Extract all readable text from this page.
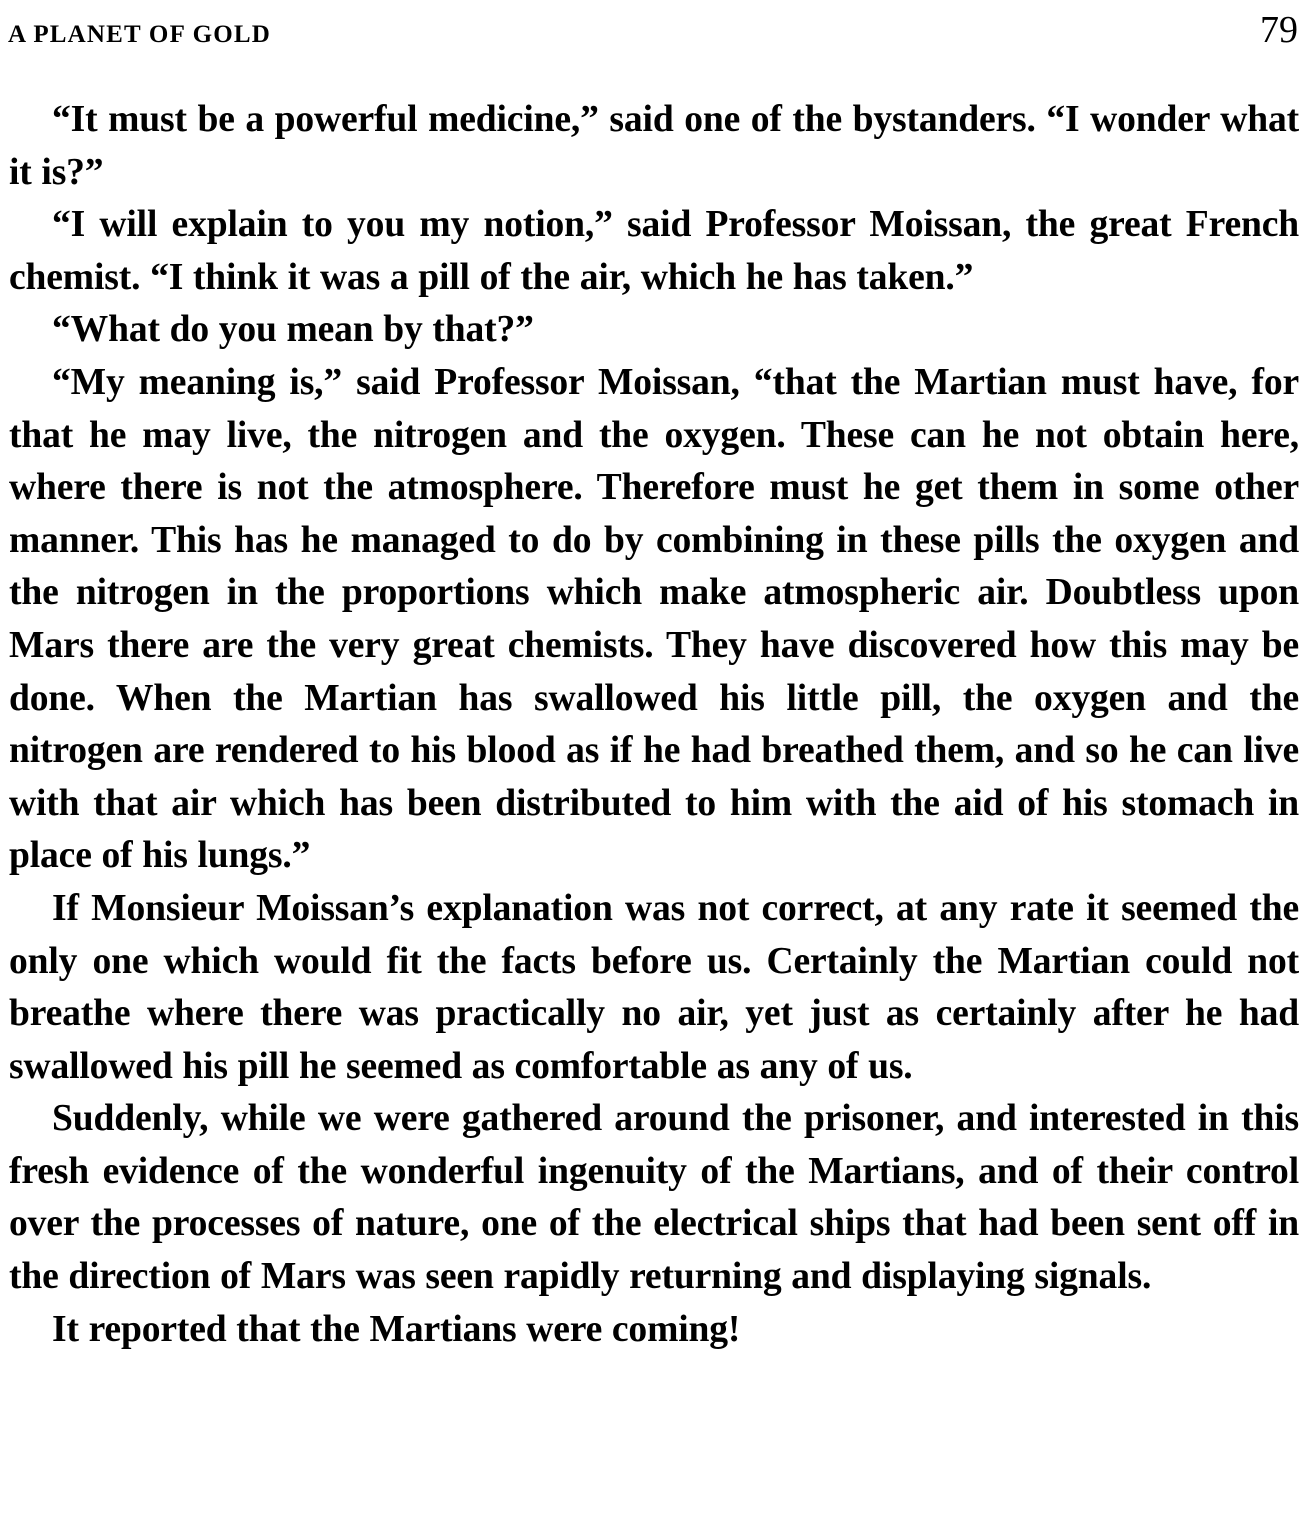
A PLANET OF GOLD	79

“It must be a powerful medicine,” said one of the bystanders. “I wonder what it is?”

“I will explain to you my notion,” said Professor Moissan, the great French chemist. “I think it was a pill of the air, which he has taken.”

“What do you mean by that?”

“My meaning is,” said Professor Moissan, “that the Martian must have, for that he may live, the nitrogen and the oxygen. These can he not obtain here, where there is not the atmosphere. Therefore must he get them in some other manner. This has he managed to do by combining in these pills the oxygen and the nitrogen in the proportions which make atmospheric air. Doubtless upon Mars there are the very great chemists. They have discovered how this may be done. When the Martian has swallowed his little pill, the oxygen and the nitrogen are rendered to his blood as if he had breathed them, and so he can live with that air which has been distributed to him with the aid of his stomach in place of his lungs.”

If Monsieur Moissan’s explanation was not correct, at any rate it seemed the only one which would fit the facts before us. Certainly the Martian could not breathe where there was practically no air, yet just as certainly after he had swallowed his pill he seemed as comfortable as any of us.

Suddenly, while we were gathered around the prisoner, and interested in this fresh evidence of the wonderful ingenuity of the Martians, and of their control over the processes of nature, one of the electrical ships that had been sent off in the direction of Mars was seen rapidly returning and displaying signals.

It reported that the Martians were coming!
